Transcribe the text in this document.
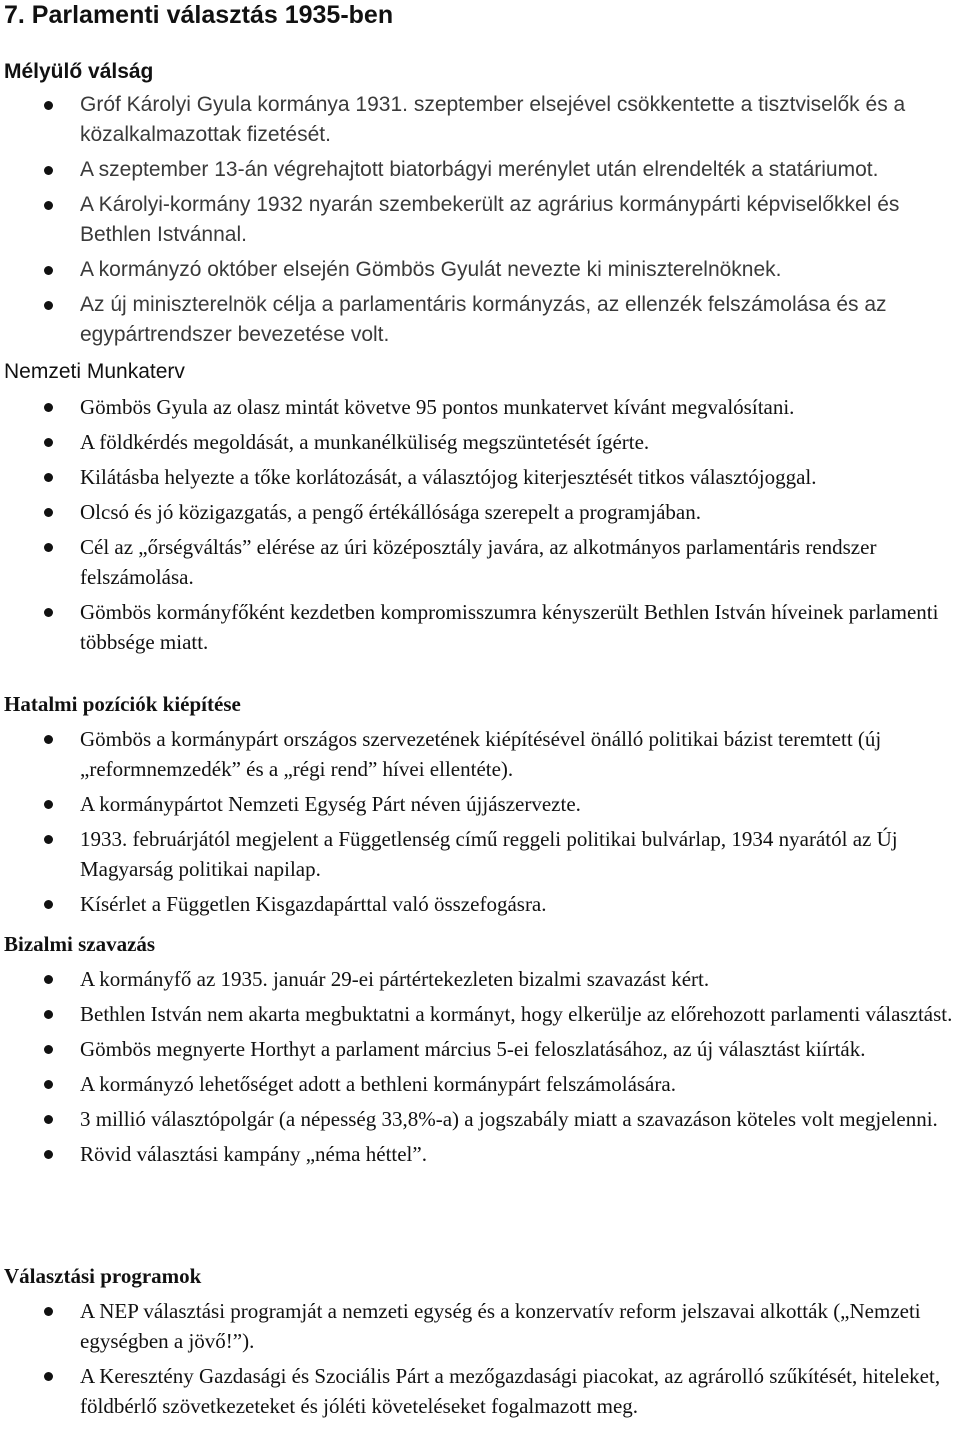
7. Parlamenti választás 1935-ben
Mélyülő válság
Gróf Károlyi Gyula kormánya 1931. szeptember elsejével csökkentette a tisztviselők és a közalkalmazottak fizetését.
A szeptember 13-án végrehajtott biatorbágyi merénylet után elrendelték a statáriumot.
A Károlyi-kormány 1932 nyarán szembekerült az agrárius kormánypárti képviselőkkel és Bethlen Istvánnal.
A kormányzó október elsején Gömbös Gyulát nevezte ki miniszterelnöknek.
Az új miniszterelnök célja a parlamentáris kormányzás, az ellenzék felszámolása és az egypártrendszer bevezetése volt.
Nemzeti Munkaterv
Gömbös Gyula az olasz mintát követve 95 pontos munkatervet kívánt megvalósítani.
A földkérdés megoldását, a munkanélküliség megszüntetését ígérte.
Kilátásba helyezte a tőke korlátozását, a választójog kiterjesztését titkos választójoggal.
Olcsó és jó közigazgatás, a pengő értékállósága szerepelt a programjában.
Cél az „őrségváltás” elérése az úri középosztály javára, az alkotmányos parlamentáris rendszer felszámolása.
Gömbös kormányfőként kezdetben kompromisszumra kényszerült Bethlen István híveinek parlamenti többsége miatt.
Hatalmi pozíciók kiépítése
Gömbös a kormánypárt országos szervezetének kiépítésével önálló politikai bázist teremtett (új „reformnemzedék” és a „régi rend” hívei ellentéte).
A kormánypártot Nemzeti Egység Párt néven újjászervezte.
1933. februárjától megjelent a Függetlenség című reggeli politikai bulvárlap, 1934 nyarától az Új Magyarság politikai napilap.
Kísérlet a Független Kisgazdapárttal való összefogásra.
Bizalmi szavazás
A kormányfő az 1935. január 29-ei pártértekezleten bizalmi szavazást kért.
Bethlen István nem akarta megbuktatni a kormányt, hogy elkerülje az előrehozott parlamenti választást.
Gömbös megnyerte Horthyt a parlament március 5-ei feloszlatásához, az új választást kiírták.
A kormányzó lehetőséget adott a bethleni kormánypárt felszámolására.
3 millió választópolgár (a népesség 33,8%-a) a jogszabály miatt a szavazáson köteles volt megjelenni.
Rövid választási kampány „néma héttel”.
Választási programok
A NEP választási programját a nemzeti egység és a konzervatív reform jelszavai alkották („Nemzeti egységben a jövő!”).
A Keresztény Gazdasági és Szociális Párt a mezőgazdasági piacokat, az agrárolló szűkítését, hiteleket, földbérlő szövetkezeteket és jóléti követeléseket fogalmazott meg.
